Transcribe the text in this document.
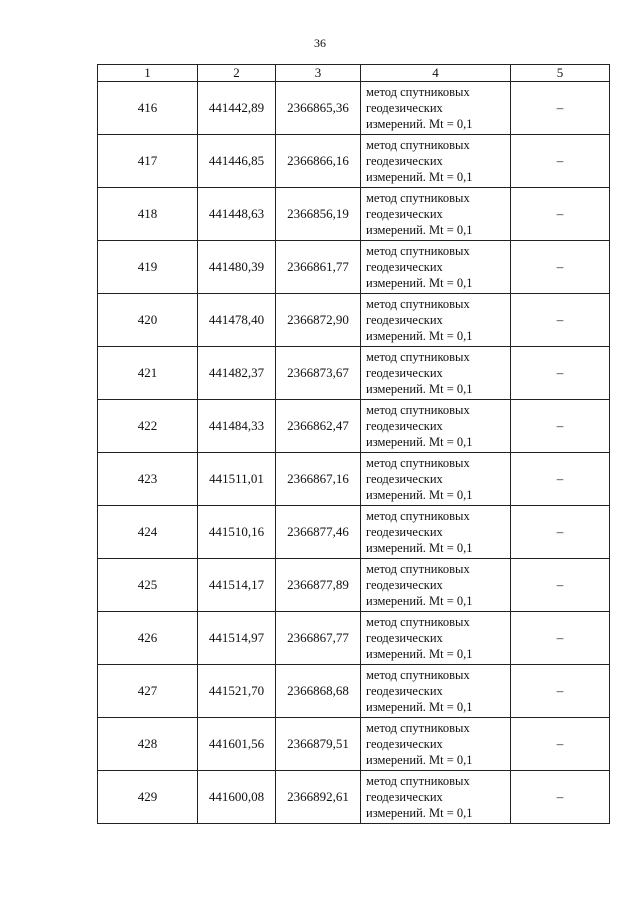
36
1	2	3	4	5
416	441442,89	2366865,36	метод спутниковых
геодезических
измерений. Mt = 0,1	–
417	441446,85	2366866,16	метод спутниковых
геодезических
измерений. Mt = 0,1	–
418	441448,63	2366856,19	метод спутниковых
геодезических
измерений. Mt = 0,1	–
419	441480,39	2366861,77	метод спутниковых
геодезических
измерений. Mt = 0,1	–
420	441478,40	2366872,90	метод спутниковых
геодезических
измерений. Mt = 0,1	–
421	441482,37	2366873,67	метод спутниковых
геодезических
измерений. Mt = 0,1	–
422	441484,33	2366862,47	метод спутниковых
геодезических
измерений. Mt = 0,1	–
423	441511,01	2366867,16	метод спутниковых
геодезических
измерений. Mt = 0,1	–
424	441510,16	2366877,46	метод спутниковых
геодезических
измерений. Mt = 0,1	–
425	441514,17	2366877,89	метод спутниковых
геодезических
измерений. Mt = 0,1	–
426	441514,97	2366867,77	метод спутниковых
геодезических
измерений. Mt = 0,1	–
427	441521,70	2366868,68	метод спутниковых
геодезических
измерений. Mt = 0,1	–
428	441601,56	2366879,51	метод спутниковых
геодезических
измерений. Mt = 0,1	–
429	441600,08	2366892,61	метод спутниковых
геодезических
измерений. Mt = 0,1	–
